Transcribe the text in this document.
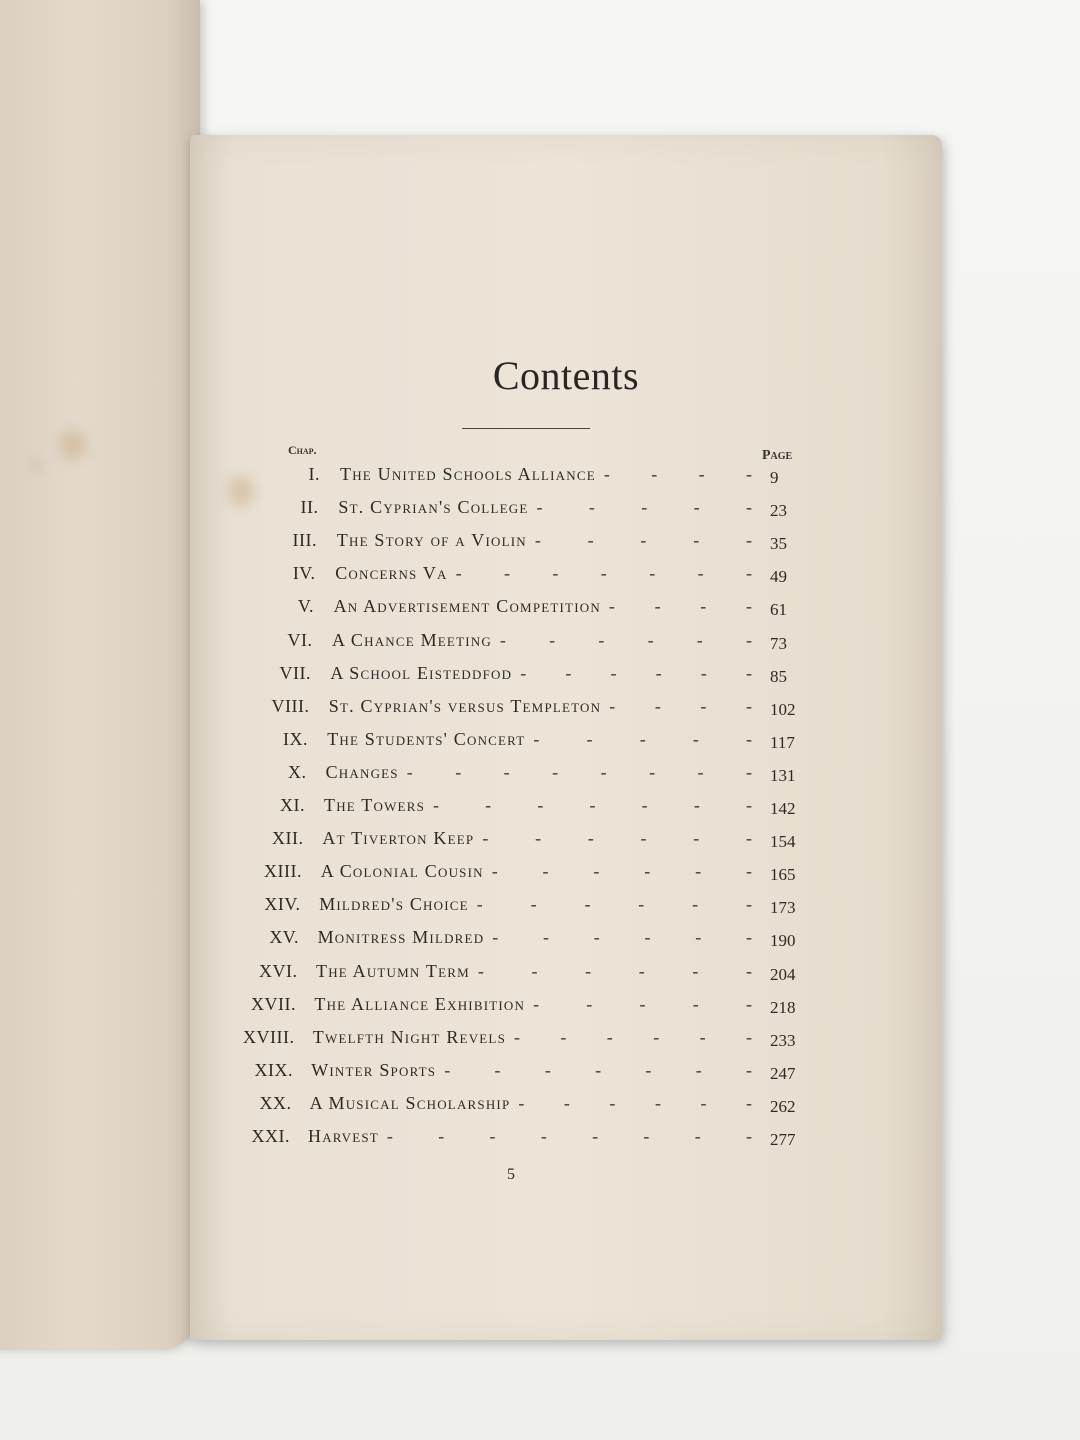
Contents
Chap.	Page
I. The United Schools Alliance	9
- - - -
II. St. Cyprian's College	23
- - - - -
III. The Story of a Violin	35
- - - - -
IV. Concerns Va	49
- - - - - - -
V. An Advertisement Competition	61
- - - -
VI. A Chance Meeting	73
- - - - - -
VII. A School Eisteddfod	85
- - - - - -
VIII. St. Cyprian's versus Templeton	102
- - - -
IX. The Students' Concert	117
- - - - -
X. Changes	131
- - - - - - - -
XI. The Towers	142
- - - - - - -
XII. At Tiverton Keep	154
- - - - - -
XIII. A Colonial Cousin	165
- - - - - -
XIV. Mildred's Choice	173
- - - - - -
XV. Monitress Mildred	190
- - - - - -
XVI. The Autumn Term	204
- - - - - -
XVII. The Alliance Exhibition	218
- - - - -
XVIII. Twelfth Night Revels	233
- - - - - -
XIX. Winter Sports	247
- - - - - - -
XX. A Musical Scholarship	262
- - - - - -
XXI. Harvest	277
- - - - - - - -
5
